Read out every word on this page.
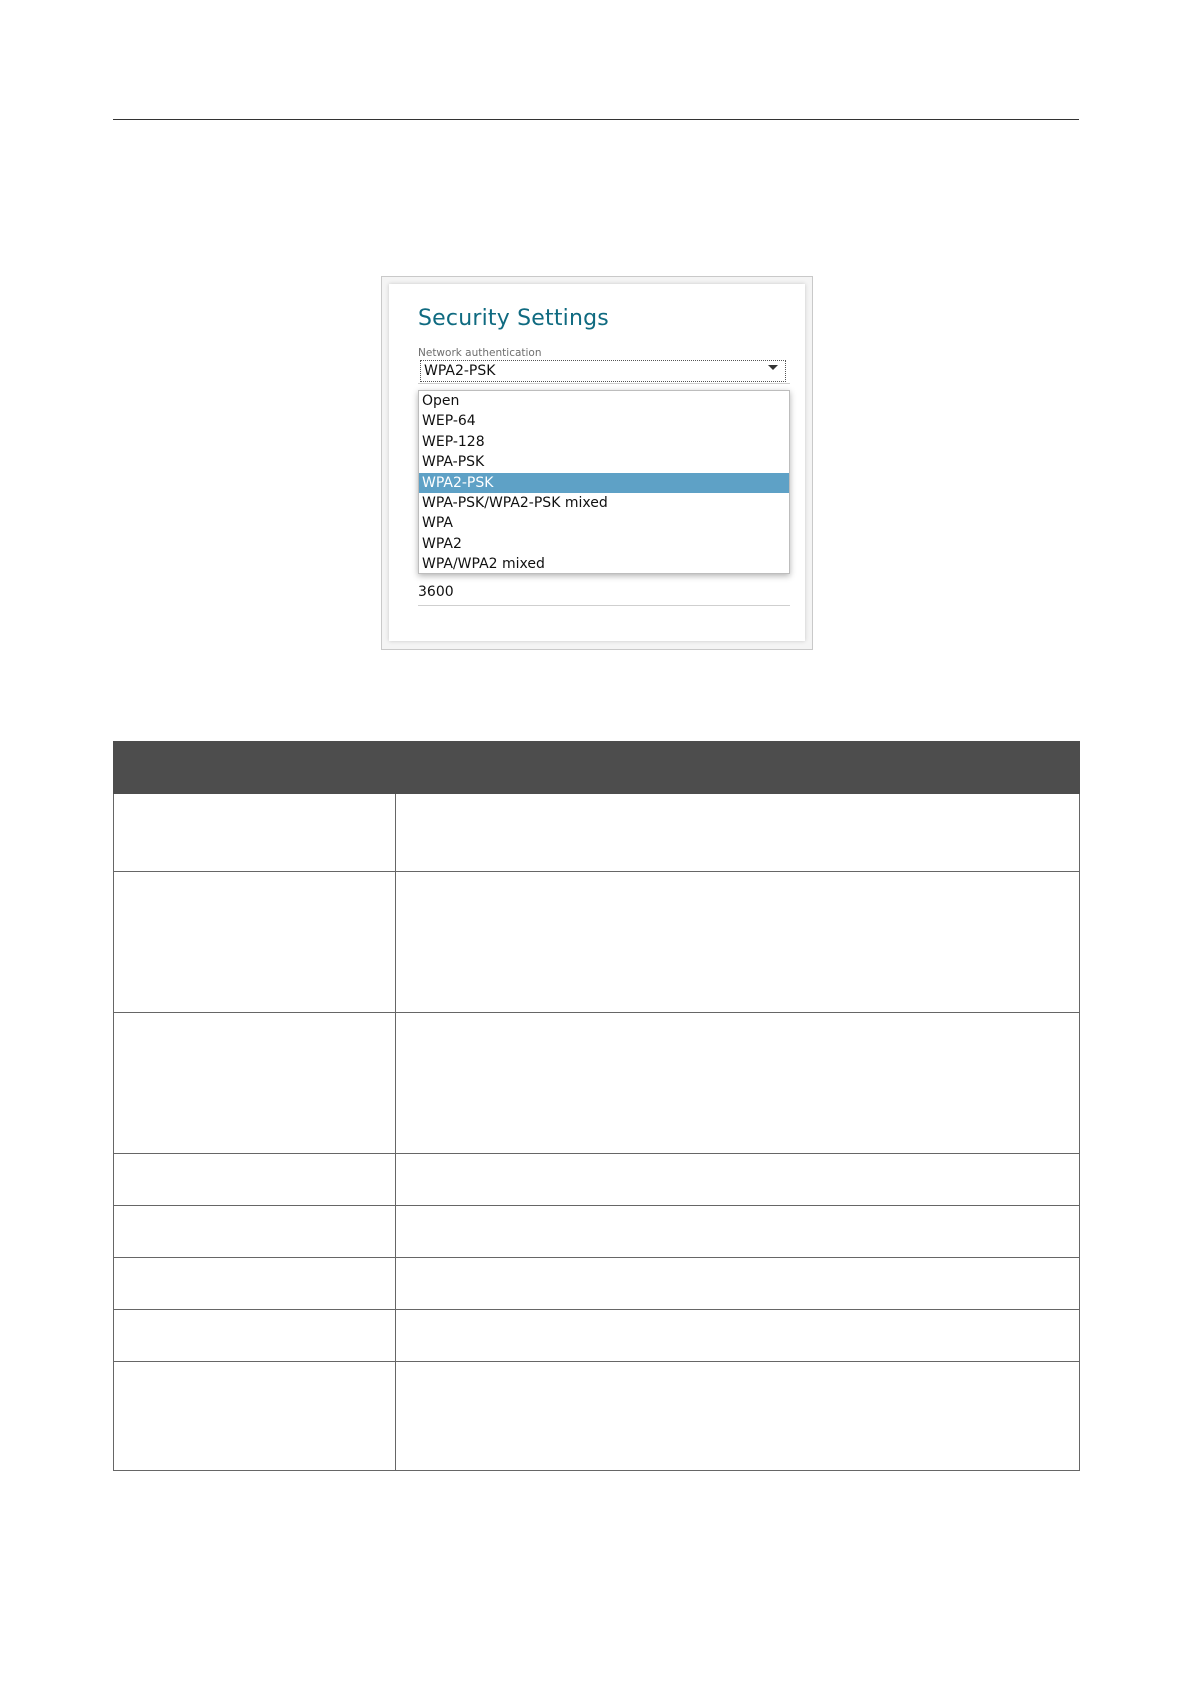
Security Settings
Network authentication
WPA2-PSK
Open
WEP-64
WEP-128
WPA-PSK
WPA2-PSK
WPA-PSK/WPA2-PSK mixed
WPA
WPA2
WPA/WPA2 mixed
3600
